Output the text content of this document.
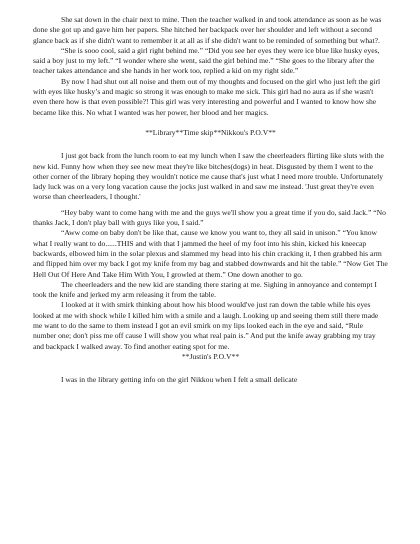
She sat down in the chair next to mine. Then the teacher walked in and took attendance as soon as he was done she got up and gave him her papers. She hitched her backpack over her shoulder and left without a second glance back as if she didn't want to remember it at all as if she didn't want to be reminded of something but what?.

“She is sooo cool, said a girl right behind me.” “Did you see her eyes they were ice blue like husky eyes, said a boy just to my left.” “I wonder where she went, said the girl behind me.” “She goes to the library after the teacher takes attendance and she hands in her work too, replied a kid on my right side.”

By now I had shut out all noise and them out of my thoughts and focused on the girl who just left the girl with eyes like husky’s and magic so strong it was enough to make me sick. This girl had no aura as if she wasn't even there how is that even possible?! This girl was very interesting and powerful and I wanted to know how she became like this. No what I wanted was her power, her blood and her magics.

**Library**Time skip**Nikkou's P.O.V**

I just got back from the lunch room to eat my lunch when I saw the cheerleaders flirting like sluts with the new kid. Funny how when they see new meat they're like bitches(dogs) in heat. Disgusted by them I went to the other corner of the library hoping they wouldn't notice me cause that's just what I need more trouble. Unfortunately lady luck was on a very long vacation cause the jocks just walked in and saw me instead. 'Just great they're even worse than cheerleaders, I thought.'

“Hey baby want to come hang with me and the guys we'll show you a great time if you do, said Jack.” “No thanks Jack, I don't play ball with guys like you, I said.”

“Aww come on baby don't be like that, cause we know you want to, they all said in unison.” “You know what I really want to do......THIS and with that I jammed the heel of my foot into his shin, kicked his kneecap backwards, elbowed him in the solar plexus and slammed my head into his chin cracking it, I then grabbed his arm and flipped him over my back I got my knife from my bag and stabbed downwards and hit the table.” “Now Get The Hell Out Of Here And Take Him With You, I growled at them.” One down another to go.

The cheerleaders and the new kid are standing there staring at me. Sighing in annoyance and contempt I took the knife and jerked my arm releasing it from the table.

I looked at it with smirk thinking about how his blood would've just ran down the table while his eyes looked at me with shock while I killed him with a smile and a laugh. Looking up and seeing them still there made me want to do the same to them instead I got an evil smirk on my lips looked each in the eye and said, “Rule number one; don't piss me off cause I will show you what real pain is.” And put the knife away grabbing my tray and backpack I walked away. To find another eating spot for me.

**Justin's P.O.V**

I was in the library getting info on the girl Nikkou when I felt a small delicate
